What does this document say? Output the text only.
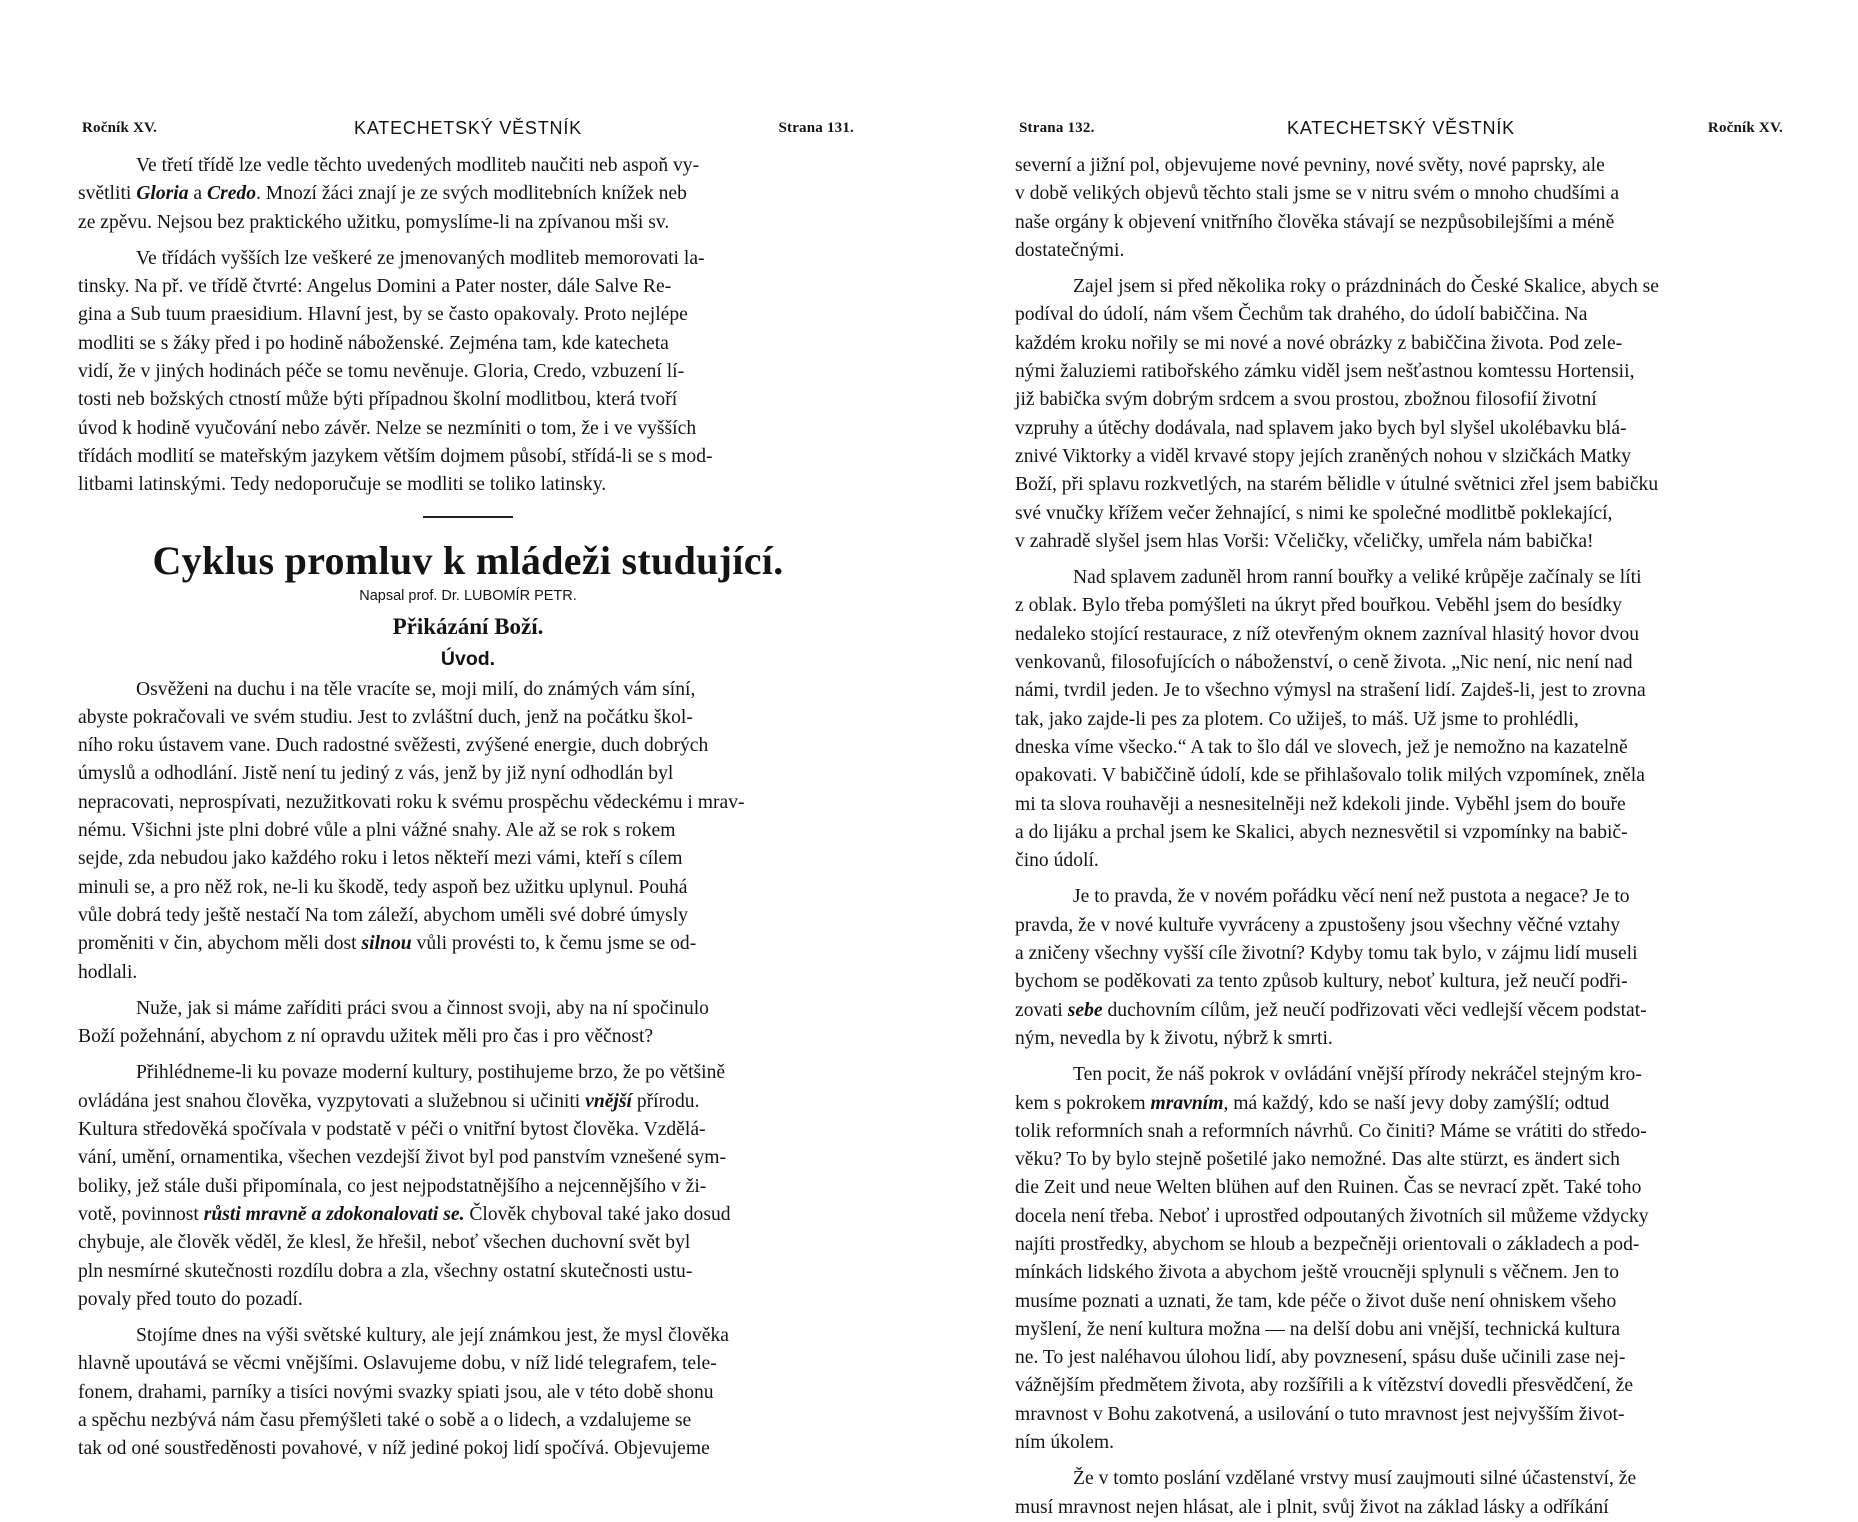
Ročník XV.	KATECHETSKÝ VĚSTNÍK	Strana 131.

Ve třetí třídě lze vedle těchto uvedených modliteb naučiti neb aspoň vy-
světliti Gloria a Credo. Mnozí žáci znají je ze svých modlitebních knížek neb
ze zpěvu. Nejsou bez praktického užitku, pomyslíme-li na zpívanou mši sv.

Ve třídách vyšších lze veškeré ze jmenovaných modliteb memorovati la-
tinsky. Na př. ve třídě čtvrté: Angelus Domini a Pater noster, dále Salve Re-
gina a Sub tuum praesidium. Hlavní jest, by se často opakovaly. Proto nejlépe
modliti se s žáky před i po hodině náboženské. Zejména tam, kde katecheta
vidí, že v jiných hodinách péče se tomu nevěnuje. Gloria, Credo, vzbuzení lí-
tosti neb božských ctností může býti případnou školní modlitbou, která tvoří
úvod k hodině vyučování nebo závěr. Nelze se nezmíniti o tom, že i ve vyšších
třídách modlití se mateřským jazykem větším dojmem působí, střídá-li se s mod-
litbami latinskými. Tedy nedoporučuje se modliti se toliko latinsky.

Cyklus promluv k mládeži studující.
Napsal prof. Dr. LUBOMÍR PETR.
Přikázání Boží.
Úvod.

Osvěženi na duchu i na těle vracíte se, moji milí, do známých vám síní,
abyste pokračovali ve svém studiu. Jest to zvláštní duch, jenž na počátku škol-
ního roku ústavem vane. Duch radostné svěžesti, zvýšené energie, duch dobrých
úmyslů a odhodlání. Jistě není tu jediný z vás, jenž by již nyní odhodlán byl
nepracovati, neprospívati, nezužitkovati roku k svému prospěchu vědeckému i mrav-
nému. Všichni jste plni dobré vůle a plni vážné snahy. Ale až se rok s rokem
sejde, zda nebudou jako každého roku i letos někteří mezi vámi, kteří s cílem
minuli se, a pro něž rok, ne-li ku škodě, tedy aspoň bez užitku uplynul. Pouhá
vůle dobrá tedy ještě nestačí Na tom záleží, abychom uměli své dobré úmysly
proměniti v čin, abychom měli dost silnou vůli provésti to, k čemu jsme se od-
hodlali.

Nuže, jak si máme zaříditi práci svou a činnost svoji, aby na ní spočinulo
Boží požehnání, abychom z ní opravdu užitek měli pro čas i pro věčnost?

Přihlédneme-li ku povaze moderní kultury, postihujeme brzo, že po většině
ovládána jest snahou člověka, vyzpytovati a služebnou si učiniti vnější přírodu.
Kultura středověká spočívala v podstatě v péči o vnitřní bytost člověka. Vzdělá-
vání, umění, ornamentika, všechen vezdejší život byl pod panstvím vznešené sym-
boliky, jež stále duši připomínala, co jest nejpodstatnějšího a nejcennějšího v ži-
votě, povinnost růsti mravně a zdokonalovati se. Člověk chyboval také jako dosud
chybuje, ale člověk věděl, že klesl, že hřešil, neboť všechen duchovní svět byl
pln nesmírné skutečnosti rozdílu dobra a zla, všechny ostatní skutečnosti ustu-
povaly před touto do pozadí.

Stojíme dnes na výši světské kultury, ale její známkou jest, že mysl člověka
hlavně upoutává se věcmi vnějšími. Oslavujeme dobu, v níž lidé telegrafem, tele-
fonem, drahami, parníky a tisíci novými svazky spiati jsou, ale v této době shonu
a spěchu nezbývá nám času přemýšleti také o sobě a o lidech, a vzdalujeme se
tak od oné soustředěnosti povahové, v níž jediné pokoj lidí spočívá. Objevujeme

Strana 132.	KATECHETSKÝ VĚSTNÍK	Ročník XV.

severní a jižní pol, objevujeme nové pevniny, nové světy, nové paprsky, ale
v době velikých objevů těchto stali jsme se v nitru svém o mnoho chudšími a
naše orgány k objevení vnitřního člověka stávají se nezpůsobilejšími a méně
dostatečnými.

Zajel jsem si před několika roky o prázdninách do České Skalice, abych se
podíval do údolí, nám všem Čechům tak drahého, do údolí babiččina. Na
každém kroku nořily se mi nové a nové obrázky z babiččina života. Pod zele-
nými žaluziemi ratibořského zámku viděl jsem nešťastnou komtessu Hortensii,
již babička svým dobrým srdcem a svou prostou, zbožnou filosofií životní
vzpruhy a útěchy dodávala, nad splavem jako bych byl slyšel ukolébavku blá-
znivé Viktorky a viděl krvavé stopy jejích zraněných nohou v slzičkách Matky
Boží, při splavu rozkvetlých, na starém bělidle v útulné světnici zřel jsem babičku
své vnučky křížem večer žehnající, s nimi ke společné modlitbě poklekající,
v zahradě slyšel jsem hlas Vorši: Včeličky, včeličky, umřela nám babička!

Nad splavem zaduněl hrom ranní bouřky a veliké krůpěje začínaly se líti
z oblak. Bylo třeba pomýšleti na úkryt před bouřkou. Veběhl jsem do besídky
nedaleko stojící restaurace, z níž otevřeným oknem zazníval hlasitý hovor dvou
venkovanů, filosofujících o náboženství, o ceně života. „Nic není, nic není nad
námi, tvrdil jeden. Je to všechno výmysl na strašení lidí. Zajdeš-li, jest to zrovna
tak, jako zajde-li pes za plotem. Co užiješ, to máš. Už jsme to prohlédli,
dneska víme všecko.“ A tak to šlo dál ve slovech, jež je nemožno na kazatelně
opakovati. V babiččině údolí, kde se přihlašovalo tolik milých vzpomínek, zněla
mi ta slova rouhavěji a nesnesitelněji než kdekoli jinde. Vyběhl jsem do bouře
a do lijáku a prchal jsem ke Skalici, abych neznesvětil si vzpomínky na babič-
čino údolí.

Je to pravda, že v novém pořádku věcí není než pustota a negace? Je to
pravda, že v nové kultuře vyvráceny a zpustošeny jsou všechny věčné vztahy
a zničeny všechny vyšší cíle životní? Kdyby tomu tak bylo, v zájmu lidí museli
bychom se poděkovati za tento způsob kultury, neboť kultura, jež neučí podři-
zovati sebe duchovním cílům, jež neučí podřizovati věci vedlejší věcem podstat-
ným, nevedla by k životu, nýbrž k smrti.

Ten pocit, že náš pokrok v ovládání vnější přírody nekráčel stejným kro-
kem s pokrokem mravním, má každý, kdo se naší jevy doby zamýšlí; odtud
tolik reformních snah a reformních návrhů. Co činiti? Máme se vrátiti do středo-
věku? To by bylo stejně pošetilé jako nemožné. Das alte stürzt, es ändert sich
die Zeit und neue Welten blühen auf den Ruinen. Čas se nevrací zpět. Také toho
docela není třeba. Neboť i uprostřed odpoutaných životních sil můžeme vždycky
najíti prostředky, abychom se hloub a bezpečněji orientovali o základech a pod-
mínkách lidského života a abychom ještě vroucněji splynuli s věčnem. Jen to
musíme poznati a uznati, že tam, kde péče o život duše není ohniskem všeho
myšlení, že není kultura možna — na delší dobu ani vnější, technická kultura
ne. To jest naléhavou úlohou lidí, aby povznesení, spásu duše učinili zase nej-
vážnějším předmětem života, aby rozšířili a k vítězství dovedli přesvědčení, že
mravnost v Bohu zakotvená, a usilování o tuto mravnost jest nejvyšším život-
ním úkolem.

Že v tomto poslání vzdělané vrstvy musí zaujmouti silné účastenství, že
musí mravnost nejen hlásat, ale i plnit, svůj život na základ lásky a odříkání
